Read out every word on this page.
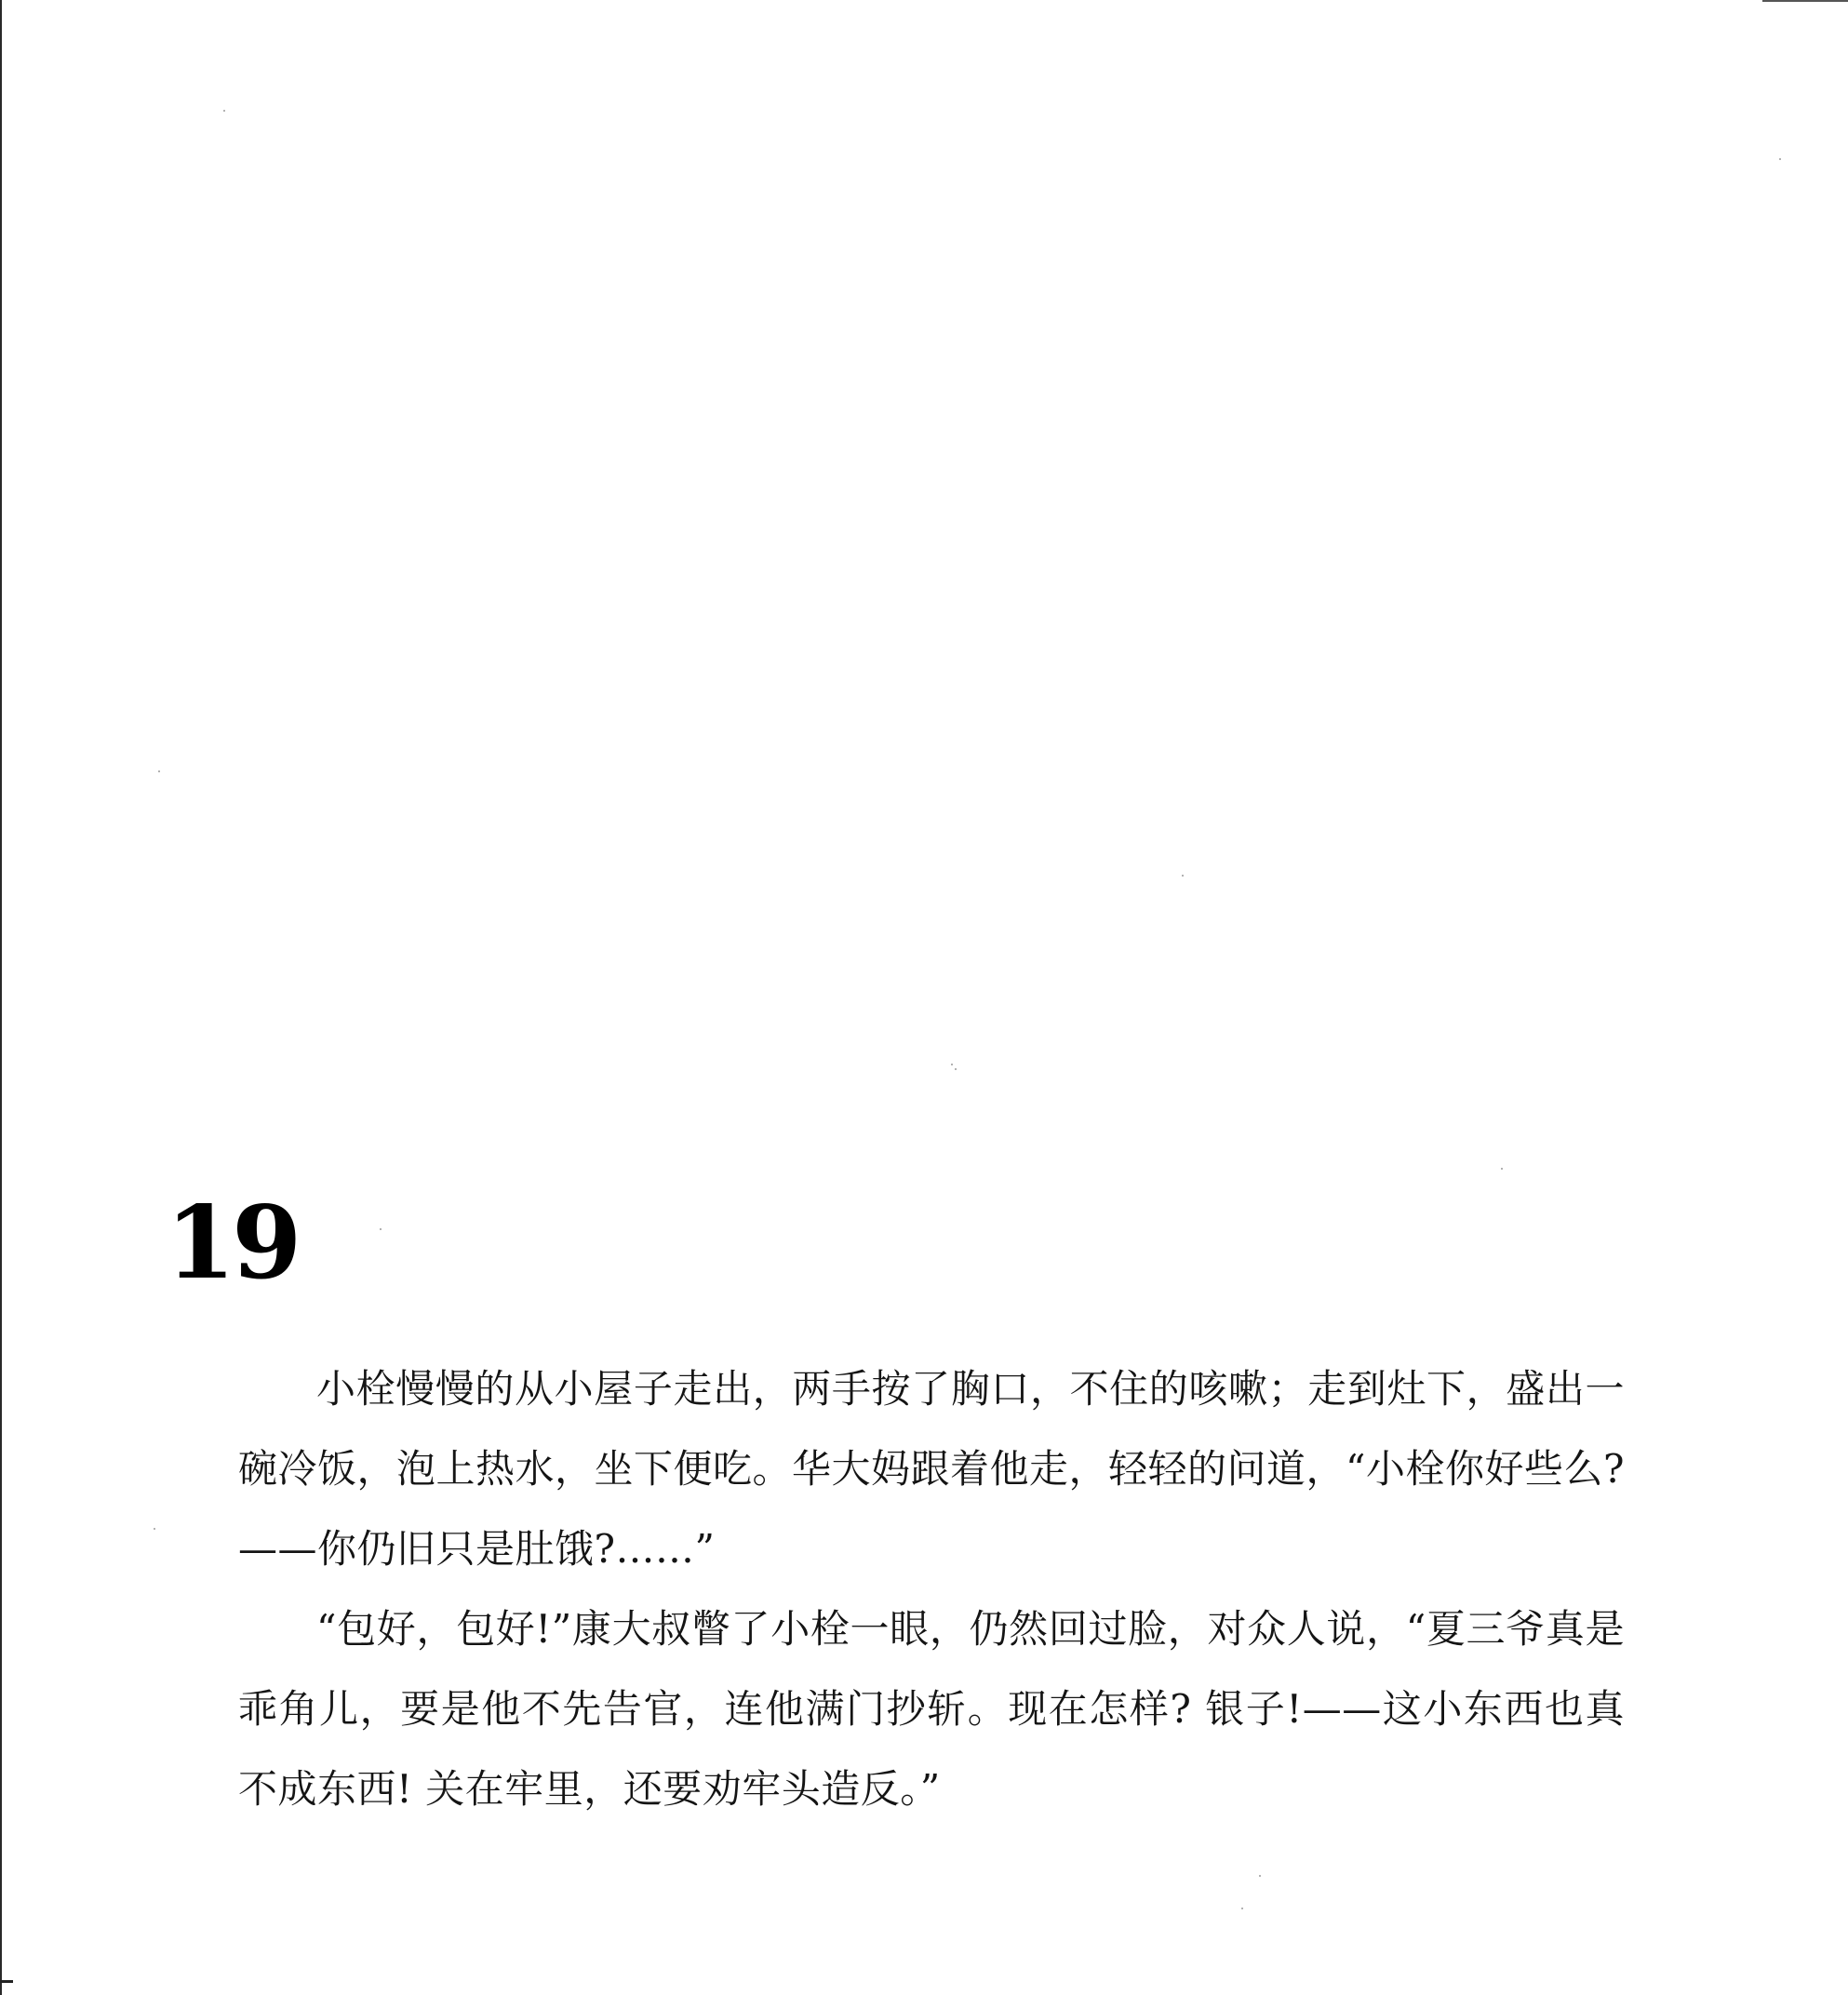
19

小栓慢慢的从小屋子走出，两手按了胸口，不住的咳嗽；走到灶下，盛出一碗冷饭，泡上热水，坐下便吃。华大妈跟着他走，轻轻的问道，“小栓你好些么?——你仍旧只是肚饿?……”

“包好，包好!”康大叔瞥了小栓一眼，仍然回过脸，对众人说，“夏三爷真是乖角儿，要是他不先告官，连他满门抄斩。现在怎样? 银子!——这小东西也真不成东西! 关在牢里，还要劝牢头造反。”
